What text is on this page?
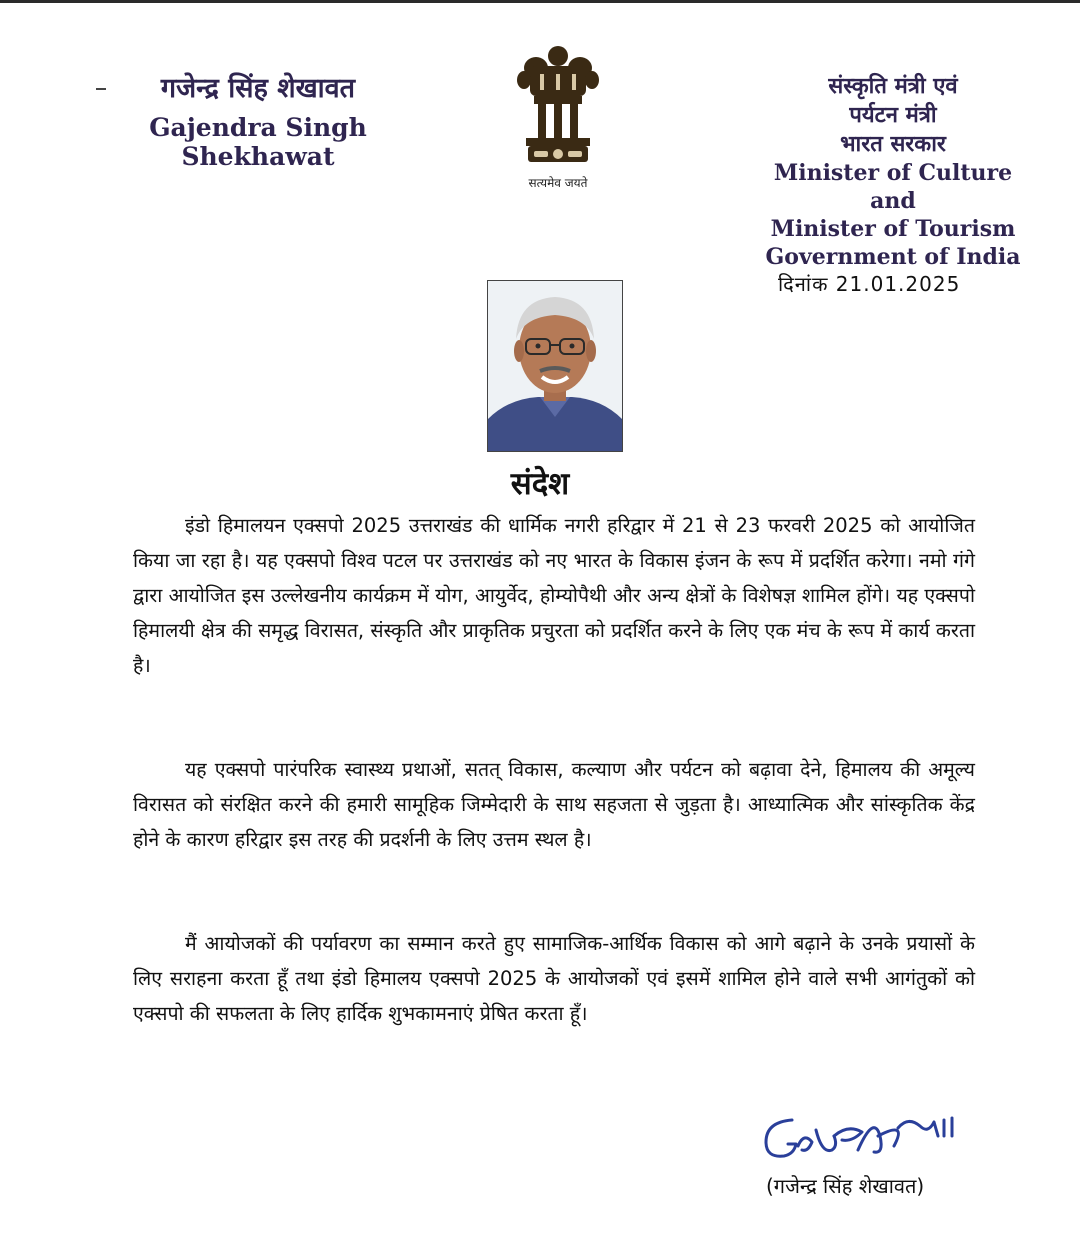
गजेन्द्र सिंह शेखावत
Gajendra Singh Shekhawat
सत्यमेव जयते
संस्कृति मंत्री एवं
पर्यटन मंत्री
भारत सरकार
Minister of Culture and
Minister of Tourism
Government of India
दिनांक 21.01.2025
संदेश
इंडो हिमालयन एक्सपो 2025 उत्तराखंड की धार्मिक नगरी हरिद्वार में 21 से 23 फरवरी 2025 को आयोजित किया जा रहा है। यह एक्सपो विश्व पटल पर उत्तराखंड को नए भारत के विकास इंजन के रूप में प्रदर्शित करेगा। नमो गंगे द्वारा आयोजित इस उल्लेखनीय कार्यक्रम में योग, आयुर्वेद, होम्योपैथी और अन्य क्षेत्रों के विशेषज्ञ शामिल होंगे। यह एक्सपो हिमालयी क्षेत्र की समृद्ध विरासत, संस्कृति और प्राकृतिक प्रचुरता को प्रदर्शित करने के लिए एक मंच के रूप में कार्य करता है।
यह एक्सपो पारंपरिक स्वास्थ्य प्रथाओं, सतत् विकास, कल्याण और पर्यटन को बढ़ावा देने, हिमालय की अमूल्य विरासत को संरक्षित करने की हमारी सामूहिक जिम्मेदारी के साथ सहजता से जुड़ता है। आध्यात्मिक और सांस्कृतिक केंद्र होने के कारण हरिद्वार इस तरह की प्रदर्शनी के लिए उत्तम स्थल है।
मैं आयोजकों की पर्यावरण का सम्मान करते हुए सामाजिक-आर्थिक विकास को आगे बढ़ाने के उनके प्रयासों के लिए सराहना करता हूँ तथा इंडो हिमालय एक्सपो 2025 के आयोजकों एवं इसमें शामिल होने वाले सभी आगंतुकों को एक्सपो की सफलता के लिए हार्दिक शुभकामनाएं प्रेषित करता हूँ।
(गजेन्द्र सिंह शेखावत)
